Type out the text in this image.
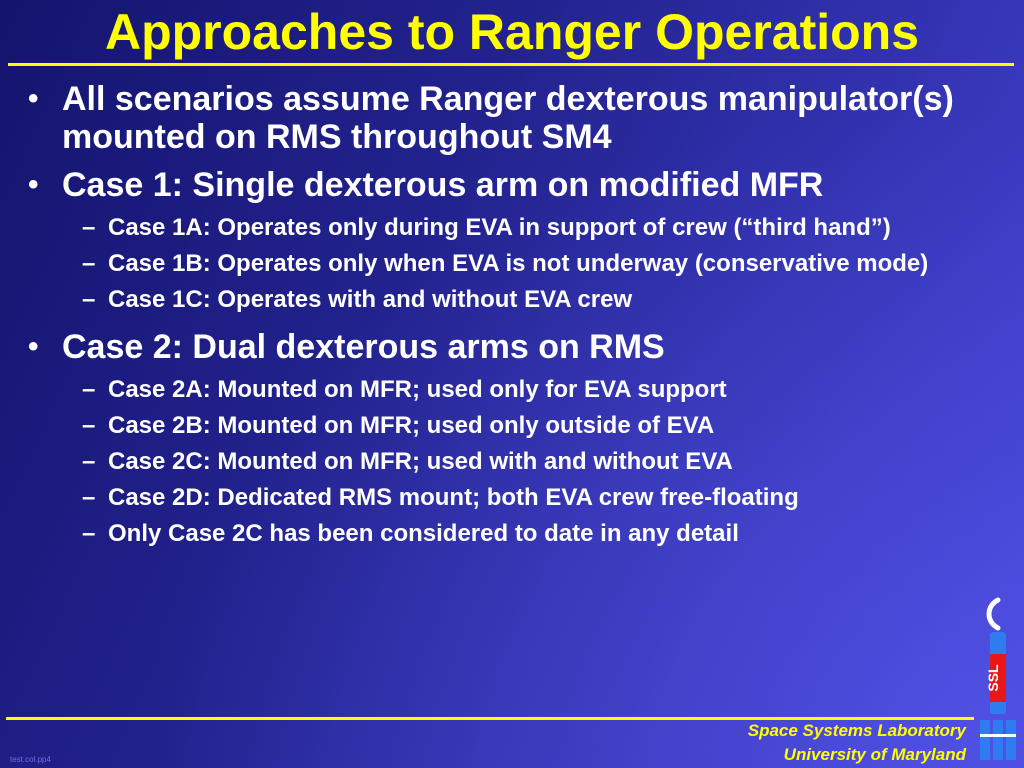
Approaches to Ranger Operations
• All scenarios assume Ranger dexterous manipulator(s) mounted on RMS throughout SM4
• Case 1: Single dexterous arm on modified MFR
– Case 1A: Operates only during EVA in support of crew (“third hand”)
– Case 1B: Operates only when EVA is not underway (conservative mode)
– Case 1C: Operates with and without EVA crew
• Case 2: Dual dexterous arms on RMS
– Case 2A: Mounted on MFR; used only for EVA support
– Case 2B: Mounted on MFR; used only outside of EVA
– Case 2C: Mounted on MFR; used with and without EVA
– Case 2D: Dedicated RMS mount; both EVA crew free-floating
– Only Case 2C has been considered to date in any detail
Space Systems Laboratory
University of Maryland
test.col.pp4
SSL
